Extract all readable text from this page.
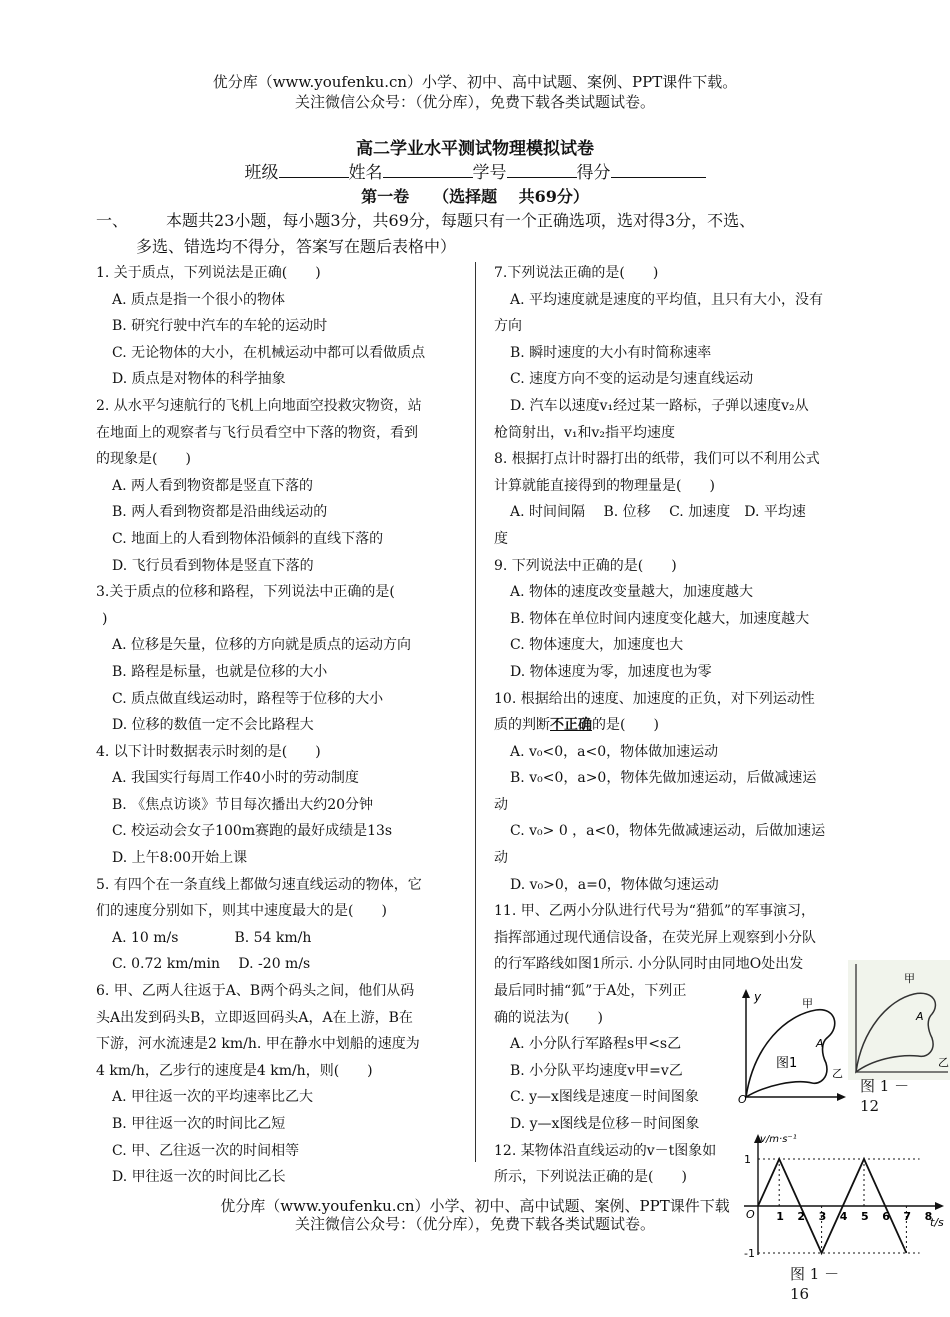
优分库（www.youfenku.cn）小学、初中、高中试题、案例、PPT课件下载。
关注微信公众号：（优分库），免费下载各类试题试卷。
高二学业水平测试物理模拟试卷
班级	姓名	学号	得分
第一卷　　（选择题　 共69分）
一、 本题共23小题，每小题3分，共69分，每题只有一个正确选项，选对得3分，不选、
多选、错选均不得分，答案写在题后表格中）
1. 关于质点，下列说法是正确(　　)
A. 质点是指一个很小的物体
B. 研究行驶中汽车的车轮的运动时
C. 无论物体的大小，在机械运动中都可以看做质点
D. 质点是对物体的科学抽象
2. 从水平匀速航行的飞机上向地面空投救灾物资，站
在地面上的观察者与飞行员看空中下落的物资，看到
的现象是(　　)
A. 两人看到物资都是竖直下落的
B. 两人看到物资都是沿曲线运动的
C. 地面上的人看到物体沿倾斜的直线下落的
D. 飞行员看到物体是竖直下落的
3.关于质点的位移和路程，下列说法中正确的是(
)
A. 位移是矢量，位移的方向就是质点的运动方向
B. 路程是标量，也就是位移的大小
C. 质点做直线运动时，路程等于位移的大小
D. 位移的数值一定不会比路程大
4. 以下计时数据表示时刻的是(　　)
A. 我国实行每周工作40小时的劳动制度
B. 《焦点访谈》节目每次播出大约20分钟
C. 校运动会女子100m赛跑的最好成绩是13s
D. 上午8:00开始上课
5. 有四个在一条直线上都做匀速直线运动的物体，它
们的速度分别如下，则其中速度最大的是(　　)
A. 10 m/s　　　　B. 54 km/h
C. 0.72 km/min　 D. -20 m/s
6. 甲、乙两人往返于A、B两个码头之间，他们从码
头A出发到码头B，立即返回码头A，A在上游，B在
下游，河水流速是2 km/h. 甲在静水中划船的速度为
4 km/h，乙步行的速度是4 km/h，则(　　)
A. 甲往返一次的平均速率比乙大
B. 甲往返一次的时间比乙短
C. 甲、乙往返一次的时间相等
D. 甲往返一次的时间比乙长
7.下列说法正确的是(　　)
A. 平均速度就是速度的平均值，且只有大小，没有
方向
B. 瞬时速度的大小有时简称速率
C. 速度方向不变的运动是匀速直线运动
D. 汽车以速度v₁经过某一路标，子弹以速度v₂从
枪筒射出，v₁和v₂指平均速度
8. 根据打点计时器打出的纸带，我们可以不利用公式
计算就能直接得到的物理量是(　　)
A. 时间间隔　 B. 位移　 C. 加速度　D. 平均速
度
9. 下列说法中正确的是(　　)
A. 物体的速度改变量越大，加速度越大
B. 物体在单位时间内速度变化越大，加速度越大
C. 物体速度大，加速度也大
D. 物体速度为零，加速度也为零
10. 根据给出的速度、加速度的正负，对下列运动性
质的判断不正确的是(　　)
A. v₀<0，a<0，物体做加速运动
B. v₀<0，a>0，物体先做加速运动，后做减速运
动
C. v₀> 0 ，a<0，物体先做减速运动，后做加速运
动
D. v₀>0，a=0，物体做匀速运动
11. 甲、乙两小分队进行代号为“猎狐”的军事演习，
指挥部通过现代通信设备，在荧光屏上观察到小分队
的行军路线如图1所示. 小分队同时由同地O处出发
最后同时捕“狐”于A处，下列正
确的说法为(　　)
A. 小分队行军路程s甲<s乙
B. 小分队平均速度v甲=v乙
C. y—x图线是速度－时间图象
D. y—x图线是位移－时间图象
12. 某物体沿直线运动的v－t图象如
所示，下列说法正确的是(　　)
y
O
甲
A
乙
图1
甲
A
乙
图 1 －
12
v/m·s⁻¹
t/s
O 1 2 3 4 5 6 7 8
1
-1
图 1 －
16
优分库（www.youfenku.cn）小学、初中、高中试题、案例、PPT课件下载
关注微信公众号：（优分库），免费下载各类试题试卷。
